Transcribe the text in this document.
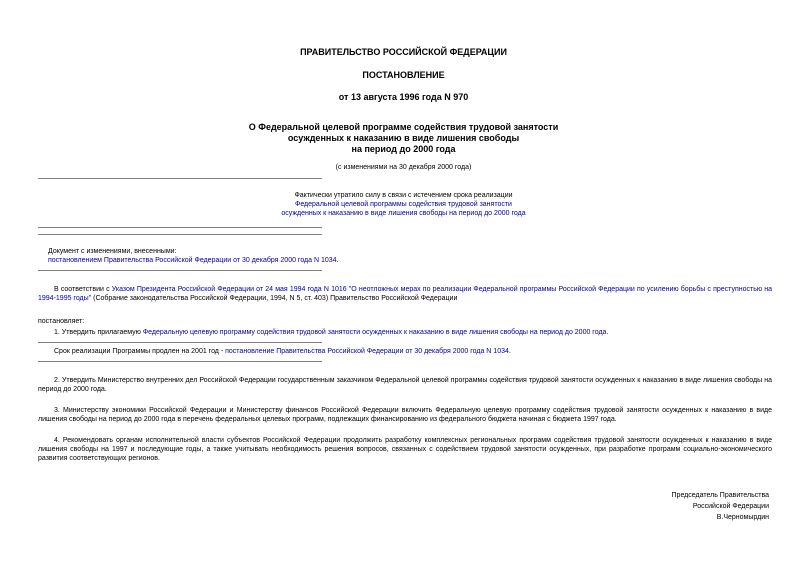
ПРАВИТЕЛЬСТВО РОССИЙСКОЙ ФЕДЕРАЦИИ
ПОСТАНОВЛЕНИЕ
от 13 августа 1996 года N 970
О Федеральной целевой программе содействия трудовой занятости
осужденных к наказанию в виде лишения свободы
на период до 2000 года
(с изменениями на 30 декабря 2000 года)
Фактически утратило силу в связи с истечением срока реализации
Федеральной целевой программы содействия трудовой занятости
осужденных к наказанию в виде лишения свободы на период до 2000 года
Документ с изменениями, внесенными:
постановлением Правительства Российской Федерации от 30 декабря 2000 года N 1034.
В соответствии с Указом Президента Российской Федерации от 24 мая 1994 года N 1016 "О неотложных мерах по реализации Федеральной программы Российской Федерации по усилению борьбы с преступностью на 1994-1995 годы" (Собрание законодательства Российской Федерации, 1994, N 5, ст. 403) Правительство Российской Федерации
постановляет:
1. Утвердить прилагаемую Федеральную целевую программу содействия трудовой занятости осужденных к наказанию в виде лишения свободы на период до 2000 года.
Срок реализации Программы продлен на 2001 год - постановление Правительства Российской Федерации от 30 декабря 2000 года N 1034.
2. Утвердить Министерство внутренних дел Российской Федерации государственным заказчиком Федеральной целевой программы содействия трудовой занятости осужденных к наказанию в виде лишения свободы на период до 2000 года.
3. Министерству экономики Российской Федерации и Министерству финансов Российской Федерации включить Федеральную целевую программу содействия трудовой занятости осужденных к наказанию в виде лишения свободы на период до 2000 года в перечень федеральных целевых программ, подлежащих финансированию из федерального бюджета начиная с бюджета 1997 года.
4. Рекомендовать органам исполнительной власти субъектов Российской Федерации продолжить разработку комплексных региональных программ содействия трудовой занятости осужденных к наказанию в виде лишения свободы на 1997 и последующие годы, а также учитывать необходимость решения вопросов, связанных с содействием трудовой занятости осужденных, при разработке программ социально-экономического развития соответствующих регионов.
Председатель Правительства
Российской Федерации
В.Черномырдин
